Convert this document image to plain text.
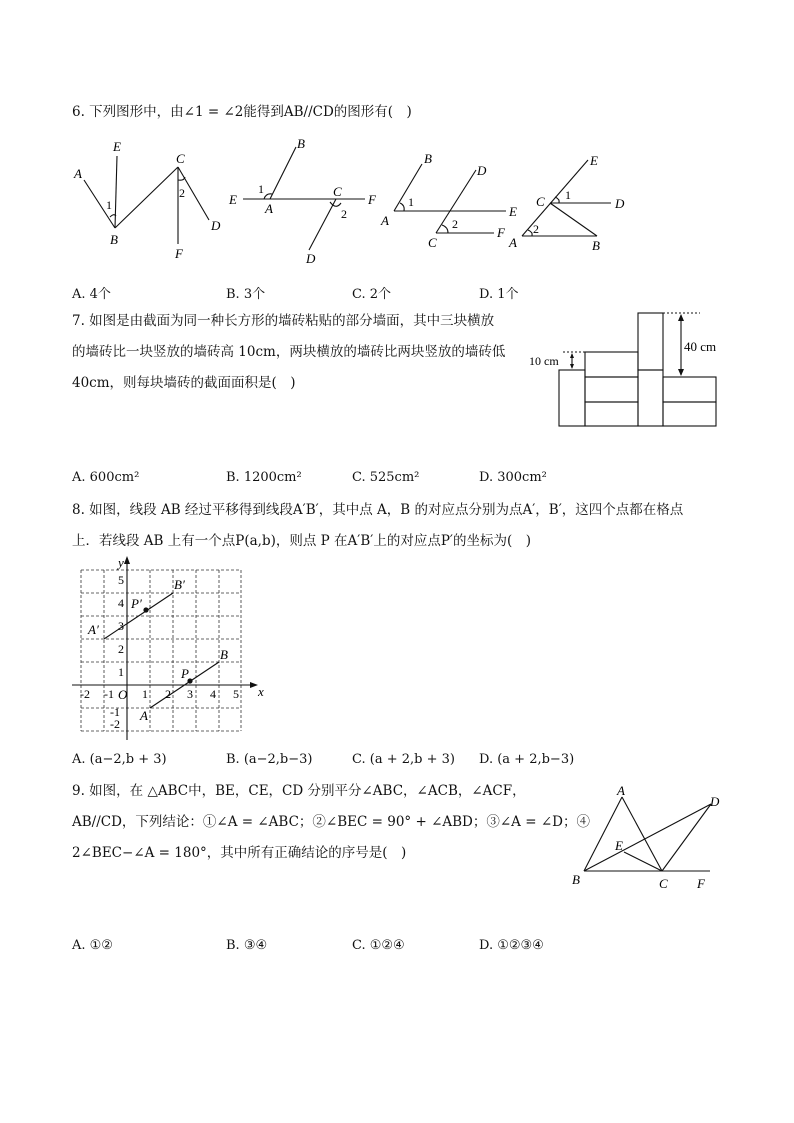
6. 下列图形中，由∠1 = ∠2能得到AB//CD的图形有(　)
A
E
1
B
C
2
F
D
E
1
A
B
C
2
F
D
B
D
1
A
E
2
C
F
E
C 1
D
2
A	B
A. 4个	B. 3个	C. 2个	D. 1个
7. 如图是由截面为同一种长方形的墙砖粘贴的部分墙面，其中三块横放
的墙砖比一块竖放的墙砖高 10cm，两块横放的墙砖比两块竖放的墙砖低
40cm，则每块墙砖的截面面积是(　)
40 cm
10 cm
A. 600cm²	B. 1200cm²	C. 525cm²	D. 300cm²
8. 如图，线段 AB 经过平移得到线段A′B′，其中点 A，B 的对应点分别为点A′，B′，这四个点都在格点
上．若线段 AB 上有一个点P(a,b)，则点 P 在A′B′上的对应点P′的坐标为(　)
x
y
O
-2 -1 1 2 3 4 5
5
4
3
2
1
-1
-2
A
B
P
A′
B′
P′
A. (a−2,b + 3)	B. (a−2,b−3)	C. (a + 2,b + 3) D. (a + 2,b−3)
9. 如图，在 △ABC中，BE，CE，CD 分别平分∠ABC，∠ACB，∠ACF，
AB//CD，下列结论：①∠A = ∠ABC；②∠BEC = 90° + ∠ABD；③∠A = ∠D；④
2∠BEC−∠A = 180°，其中所有正确结论的序号是(　)
A
D
E
B	C F
A. ①②	B. ③④	C. ①②④	D. ①②③④
